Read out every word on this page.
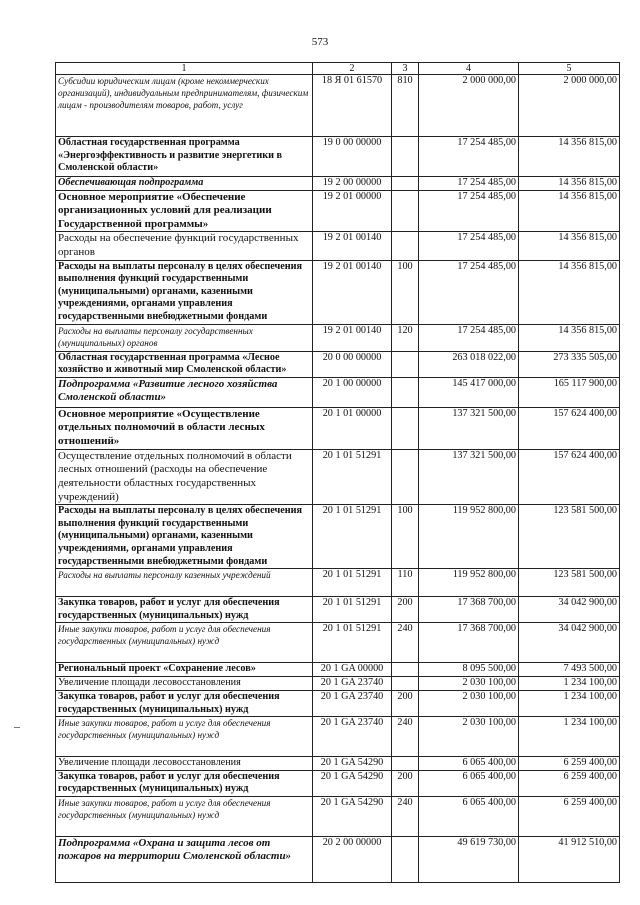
573
1	2	3	4	5
Субсидии юридическим лицам (кроме некоммерческих организаций), индивидуальным предпринимателям, физическим лицам - производителям товаров, работ, услуг	18 Я 01 61570	810	2 000 000,00	2 000 000,00
Областная государственная программа «Энергоэффективность и развитие энергетики в Смоленской области»	19 0 00 00000		17 254 485,00	14 356 815,00
Обеспечивающая подпрограмма	19 2 00 00000		17 254 485,00	14 356 815,00
Основное мероприятие «Обеспечение организационных условий для реализации Государственной программы»	19 2 01 00000		17 254 485,00	14 356 815,00
Расходы на обеспечение функций государственных органов	19 2 01 00140		17 254 485,00	14 356 815,00
Расходы на выплаты персоналу в целях обеспечения выполнения функций государственными (муниципальными) органами, казенными учреждениями, органами управления государственными внебюджетными фондами	19 2 01 00140	100	17 254 485,00	14 356 815,00
Расходы на выплаты персоналу государственных (муниципальных) органов	19 2 01 00140	120	17 254 485,00	14 356 815,00
Областная государственная программа «Лесное хозяйство и животный мир Смоленской области»	20 0 00 00000		263 018 022,00	273 335 505,00
Подпрограмма «Развитие лесного хозяйства Смоленской области»	20 1 00 00000		145 417 000,00	165 117 900,00
Основное мероприятие «Осуществление отдельных полномочий в области лесных отношений»	20 1 01 00000		137 321 500,00	157 624 400,00
Осуществление отдельных полномочий в области лесных отношений (расходы на обеспечение деятельности областных государственных учреждений)	20 1 01 51291		137 321 500,00	157 624 400,00
Расходы на выплаты персоналу в целях обеспечения выполнения функций государственными (муниципальными) органами, казенными учреждениями, органами управления государственными внебюджетными фондами	20 1 01 51291	100	119 952 800,00	123 581 500,00
Расходы на выплаты персоналу казенных учреждений	20 1 01 51291	110	119 952 800,00	123 581 500,00
Закупка товаров, работ и услуг для обеспечения государственных (муниципальных) нужд	20 1 01 51291	200	17 368 700,00	34 042 900,00
Иные закупки товаров, работ и услуг для обеспечения государственных (муниципальных) нужд	20 1 01 51291	240	17 368 700,00	34 042 900,00
Региональный проект «Сохранение лесов»	20 1 GA 00000		8 095 500,00	7 493 500,00
Увеличение площади лесовосстановления	20 1 GA 23740		2 030 100,00	1 234 100,00
Закупка товаров, работ и услуг для обеспечения государственных (муниципальных) нужд	20 1 GA 23740	200	2 030 100,00	1 234 100,00
Иные закупки товаров, работ и услуг для обеспечения государственных (муниципальных) нужд	20 1 GA 23740	240	2 030 100,00	1 234 100,00
Увеличение площади лесовосстановления	20 1 GA 54290		6 065 400,00	6 259 400,00
Закупка товаров, работ и услуг для обеспечения государственных (муниципальных) нужд	20 1 GA 54290	200	6 065 400,00	6 259 400,00
Иные закупки товаров, работ и услуг для обеспечения государственных (муниципальных) нужд	20 1 GA 54290	240	6 065 400,00	6 259 400,00
Подпрограмма «Охрана и защита лесов от пожаров на территории Смоленской области»	20 2 00 00000		49 619 730,00	41 912 510,00
